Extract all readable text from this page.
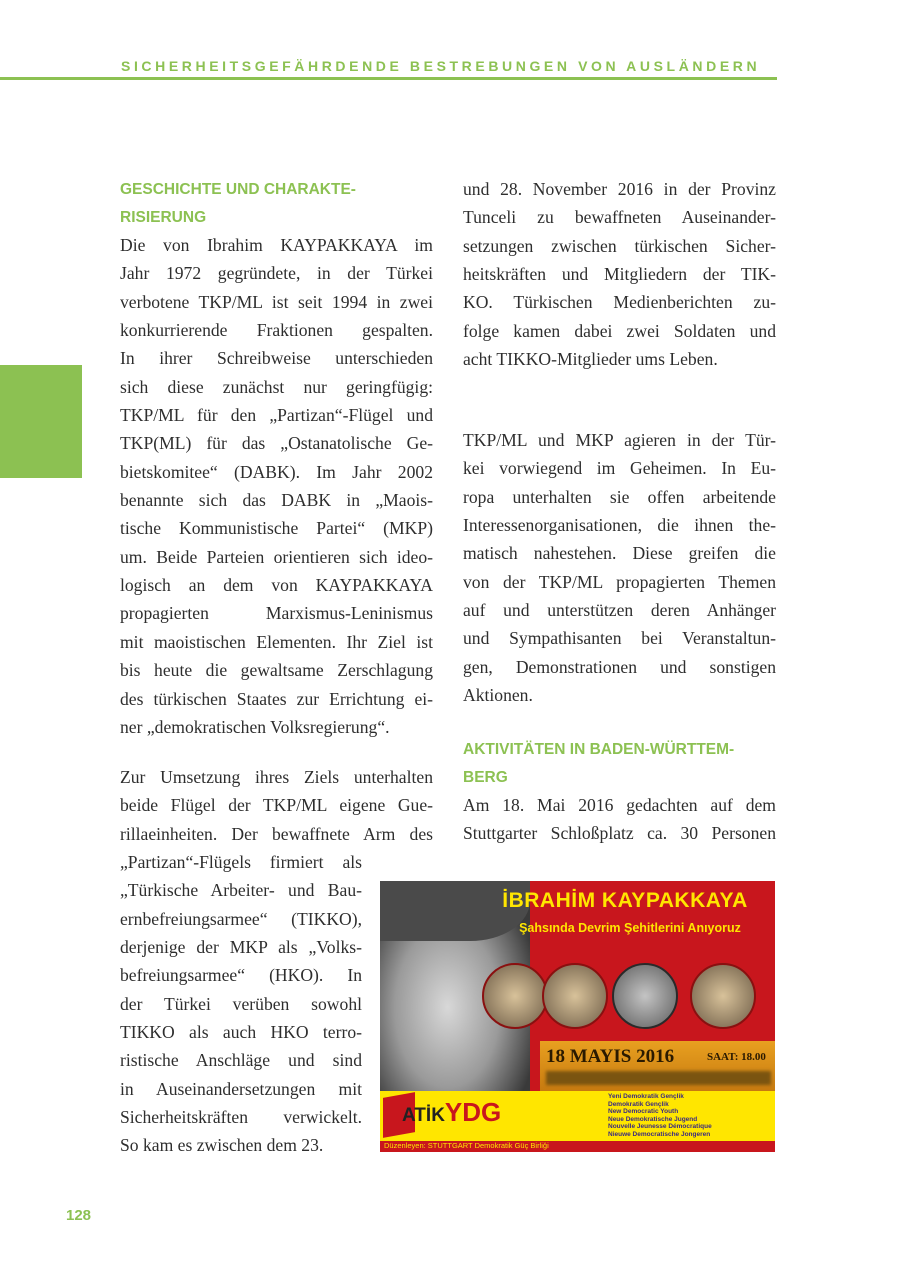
SICHERHEITSGEFÄHRDENDE BESTREBUNGEN VON AUSLÄNDERN
GESCHICHTE UND CHARAKTE-
RISIERUNG
Die von Ibrahim KAYPAKKAYA im
Jahr 1972 gegründete, in der Türkei
verbotene TKP/ML ist seit 1994 in zwei
konkurrierende Fraktionen gespalten.
In ihrer Schreibweise unterschieden
sich diese zunächst nur geringfügig:
TKP/ML für den „Partizan“-Flügel und
TKP(ML) für das „Ostanatolische Ge-
bietskomitee“ (DABK). Im Jahr 2002
benannte sich das DABK in „Maois-
tische Kommunistische Partei“ (MKP)
um. Beide Parteien orientieren sich ideo-
logisch an dem von KAYPAKKAYA
propagierten Marxismus-Leninismus
mit maoistischen Elementen. Ihr Ziel ist
bis heute die gewaltsame Zerschlagung
des türkischen Staates zur Errichtung ei-
ner „demokratischen Volksregierung“.
Zur Umsetzung ihres Ziels unterhalten
beide Flügel der TKP/ML eigene Gue-
rillaeinheiten. Der bewaffnete Arm des
„Partizan“-Flügels firmiert als
„Türkische Arbeiter- und Bau-
ernbefreiungsarmee“ (TIKKO),
derjenige der MKP als „Volks-
befreiungsarmee“ (HKO). In
der Türkei verüben sowohl
TIKKO als auch HKO terro-
ristische Anschläge und sind
in Auseinandersetzungen mit
Sicherheitskräften verwickelt.
So kam es zwischen dem 23.
und 28. November 2016 in der Provinz
Tunceli zu bewaffneten Auseinander-
setzungen zwischen türkischen Sicher-
heitskräften und Mitgliedern der TIK-
KO. Türkischen Medienberichten zu-
folge kamen dabei zwei Soldaten und
acht TIKKO-Mitglieder ums Leben.
TKP/ML und MKP agieren in der Tür-
kei vorwiegend im Geheimen. In Eu-
ropa unterhalten sie offen arbeitende
Interessenorganisationen, die ihnen the-
matisch nahestehen. Diese greifen die
von der TKP/ML propagierten Themen
auf und unterstützen deren Anhänger
und Sympathisanten bei Veranstaltun-
gen, Demonstrationen und sonstigen
Aktionen.
AKTIVITÄTEN IN BADEN-WÜRTTEM-
BERG
Am 18. Mai 2016 gedachten auf dem
Stuttgarter Schloßplatz ca. 30 Personen
İBRAHİM KAYPAKKAYA
Şahsında Devrim Şehitlerini Anıyoruz
18 MAYIS 2016	SAAT: 18.00
ATİKYDG
Yeni Demokratik Gençlik
Demokratik Gençlik
New Democratic Youth
Neue Demokratische Jugend
Nouvelle Jeunesse Démocratique
Nieuwe Democratische Jongeren
Düzenleyen: STUTTGART Demokratik Güç Birliği
128
